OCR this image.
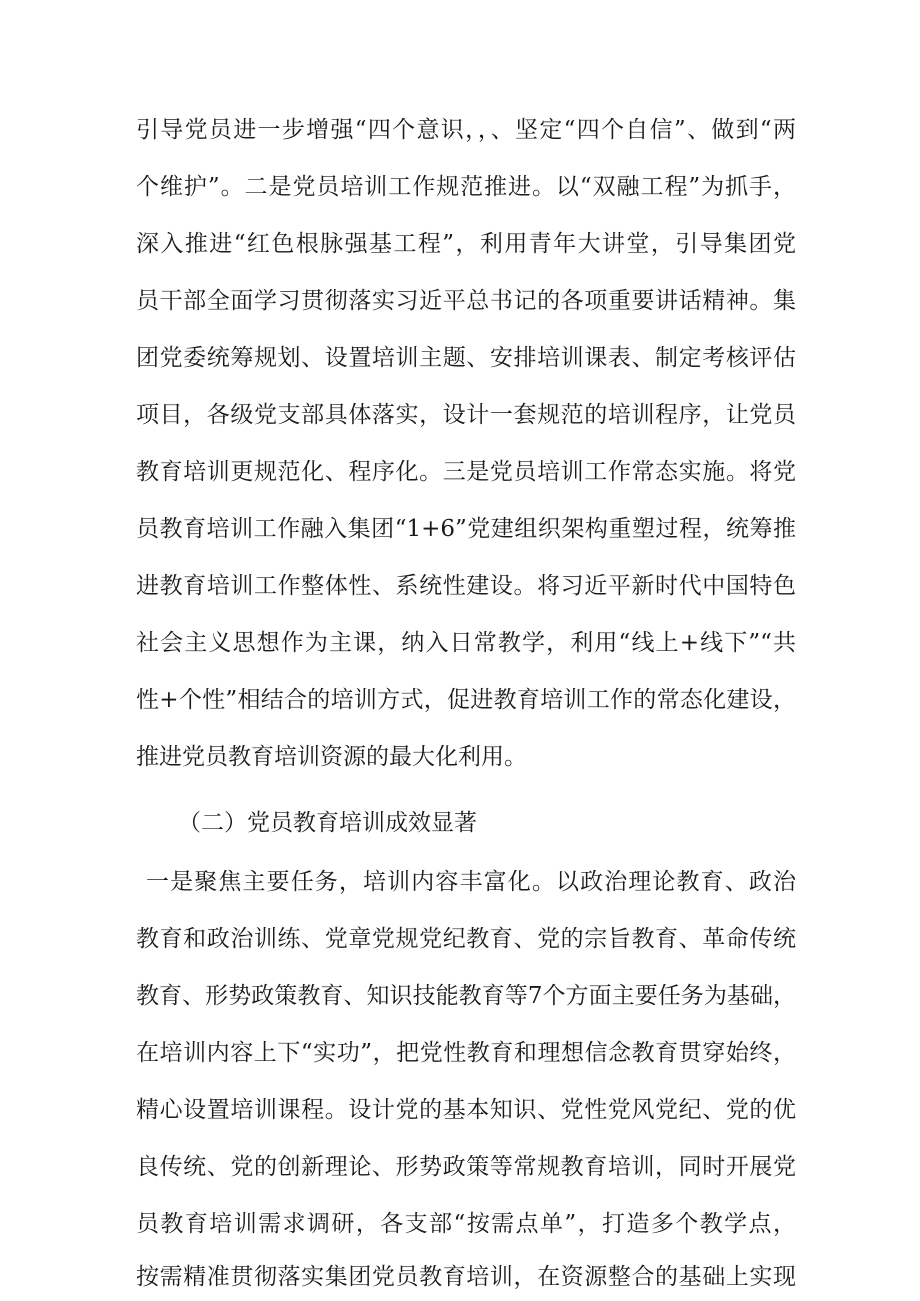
引导党员进一步增强“四个意识，，、坚定“四个自信”、做到“两
个维护”。二是党员培训工作规范推进。以“双融工程”为抓手，
深入推进“红色根脉强基工程”，利用青年大讲堂，引导集团党
员干部全面学习贯彻落实习近平总书记的各项重要讲话精神。集
团党委统筹规划、设置培训主题、安排培训课表、制定考核评估
项目，各级党支部具体落实，设计一套规范的培训程序，让党员
教育培训更规范化、程序化。三是党员培训工作常态实施。将党
员教育培训工作融入集团“1+6”党建组织架构重塑过程，统筹推
进教育培训工作整体性、系统性建设。将习近平新时代中国特色
社会主义思想作为主课，纳入日常教学，利用“线上+线下”“共
性+个性”相结合的培训方式，促进教育培训工作的常态化建设，
推进党员教育培训资源的最大化利用。
（二）党员教育培训成效显著
一是聚焦主要任务，培训内容丰富化。以政治理论教育、政治
教育和政治训练、党章党规党纪教育、党的宗旨教育、革命传统
教育、形势政策教育、知识技能教育等7个方面主要任务为基础，
在培训内容上下“实功”，把党性教育和理想信念教育贯穿始终，
精心设置培训课程。设计党的基本知识、党性党风党纪、党的优
良传统、党的创新理论、形势政策等常规教育培训，同时开展党
员教育培训需求调研，各支部“按需点单”，打造多个教学点，
按需精准贯彻落实集团党员教育培训，在资源整合的基础上实现
